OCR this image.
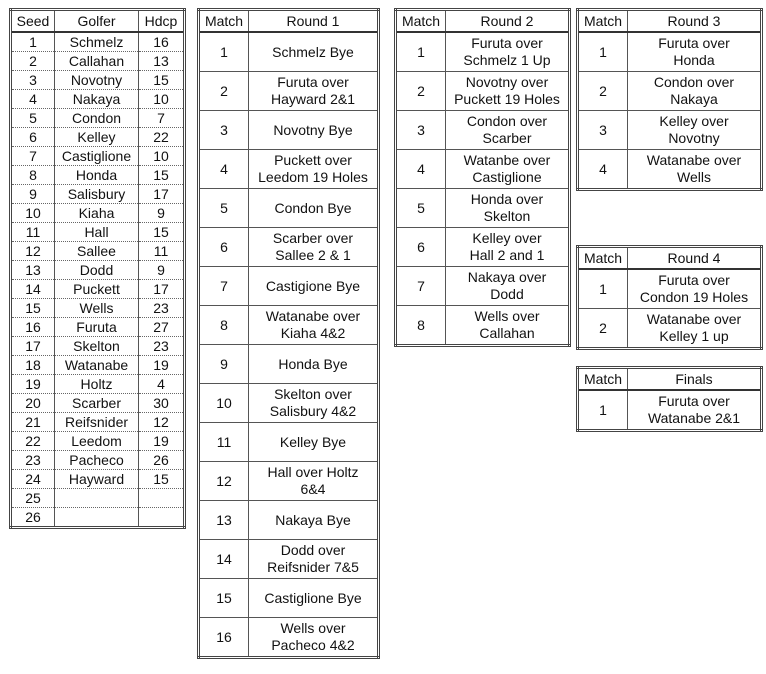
Seed	Golfer	Hdcp
1	Schmelz	16
2	Callahan	13
3	Novotny	15
4	Nakaya	10
5	Condon	7
6	Kelley	22
7	Castiglione	10
8	Honda	15
9	Salisbury	17
10	Kiaha	9
11	Hall	15
12	Sallee	11
13	Dodd	9
14	Puckett	17
15	Wells	23
16	Furuta	27
17	Skelton	23
18	Watanabe	19
19	Holtz	4
20	Scarber	30
21	Reifsnider	12
22	Leedom	19
23	Pacheco	26
24	Hayward	15
25		
26		
Match	Round 1
1	Schmelz Bye

2	Furuta over
Hayward 2&1

3	Novotny Bye

4	Puckett over
Leedom 19 Holes

5	Condon Bye

6	Scarber over
Sallee 2 & 1

7	Castigione Bye

8	Watanabe over
Kiaha 4&2

9	Honda Bye

10	Skelton over
Salisbury 4&2

11	Kelley Bye

12	Hall over Holtz
6&4

13	Nakaya Bye

14	Dodd over
Reifsnider 7&5

15	Castiglione Bye

16	Wells over
Pacheco 4&2
Match	Round 2
1	Furuta over
Schmelz 1 Up

2	Novotny over
Puckett 19 Holes

3	Condon over
Scarber

4	Watanbe over
Castiglione

5	Honda over
Skelton

6	Kelley over
Hall 2 and 1

7	Nakaya over
Dodd

8	Wells over
Callahan
Match	Round 3
1	Furuta over
Honda

2	Condon over
Nakaya

3	Kelley over
Novotny

4	Watanabe over
Wells
Match	Round 4
1	Furuta over
Condon 19 Holes

2	Watanabe over
Kelley 1 up
Match	Finals
1	Furuta over
Watanabe 2&1
